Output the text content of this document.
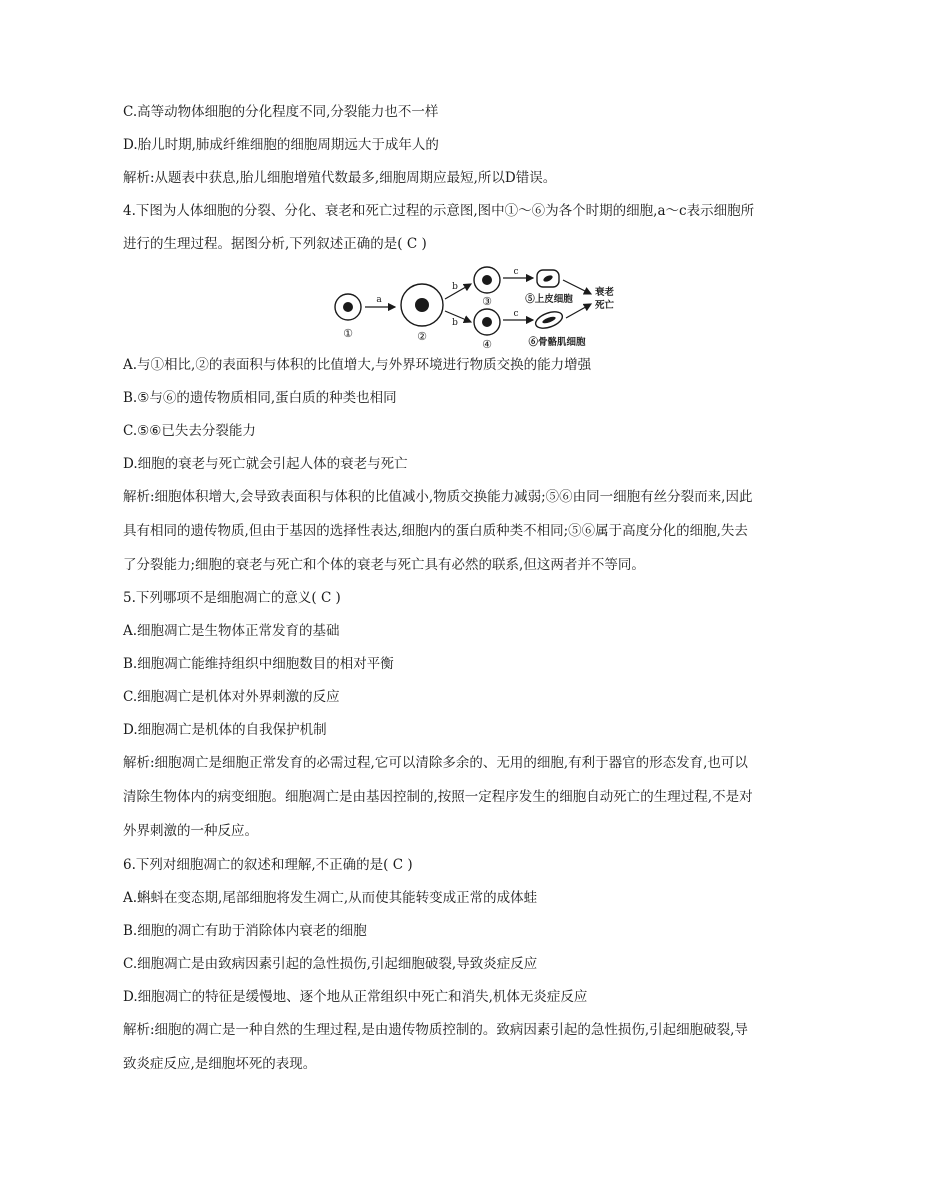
C.高等动物体细胞的分化程度不同,分裂能力也不一样
D.胎儿时期,肺成纤维细胞的细胞周期远大于成年人的
解析:从题表中获息,胎儿细胞增殖代数最多,细胞周期应最短,所以D错误。
4.下图为人体细胞的分裂、分化、衰老和死亡过程的示意图,图中①～⑥为各个时期的细胞,a～c表示细胞所
进行的生理过程。据图分析,下列叙述正确的是( C )
①
a
②
b
b
③
④
c
c
⑤上皮细胞
⑥骨骼肌细胞
衰老
死亡
A.与①相比,②的表面积与体积的比值增大,与外界环境进行物质交换的能力增强
B.⑤与⑥的遗传物质相同,蛋白质的种类也相同
C.⑤⑥已失去分裂能力
D.细胞的衰老与死亡就会引起人体的衰老与死亡
解析:细胞体积增大,会导致表面积与体积的比值减小,物质交换能力减弱;⑤⑥由同一细胞有丝分裂而来,因此
具有相同的遗传物质,但由于基因的选择性表达,细胞内的蛋白质种类不相同;⑤⑥属于高度分化的细胞,失去
了分裂能力;细胞的衰老与死亡和个体的衰老与死亡具有必然的联系,但这两者并不等同。
5.下列哪项不是细胞凋亡的意义( C )
A.细胞凋亡是生物体正常发育的基础
B.细胞凋亡能维持组织中细胞数目的相对平衡
C.细胞凋亡是机体对外界刺激的反应
D.细胞凋亡是机体的自我保护机制
解析:细胞凋亡是细胞正常发育的必需过程,它可以清除多余的、无用的细胞,有利于器官的形态发育,也可以
清除生物体内的病变细胞。细胞凋亡是由基因控制的,按照一定程序发生的细胞自动死亡的生理过程,不是对
外界刺激的一种反应。
6.下列对细胞凋亡的叙述和理解,不正确的是( C )
A.蝌蚪在变态期,尾部细胞将发生凋亡,从而使其能转变成正常的成体蛙
B.细胞的凋亡有助于消除体内衰老的细胞
C.细胞凋亡是由致病因素引起的急性损伤,引起细胞破裂,导致炎症反应
D.细胞凋亡的特征是缓慢地、逐个地从正常组织中死亡和消失,机体无炎症反应
解析:细胞的凋亡是一种自然的生理过程,是由遗传物质控制的。致病因素引起的急性损伤,引起细胞破裂,导
致炎症反应,是细胞坏死的表现。
